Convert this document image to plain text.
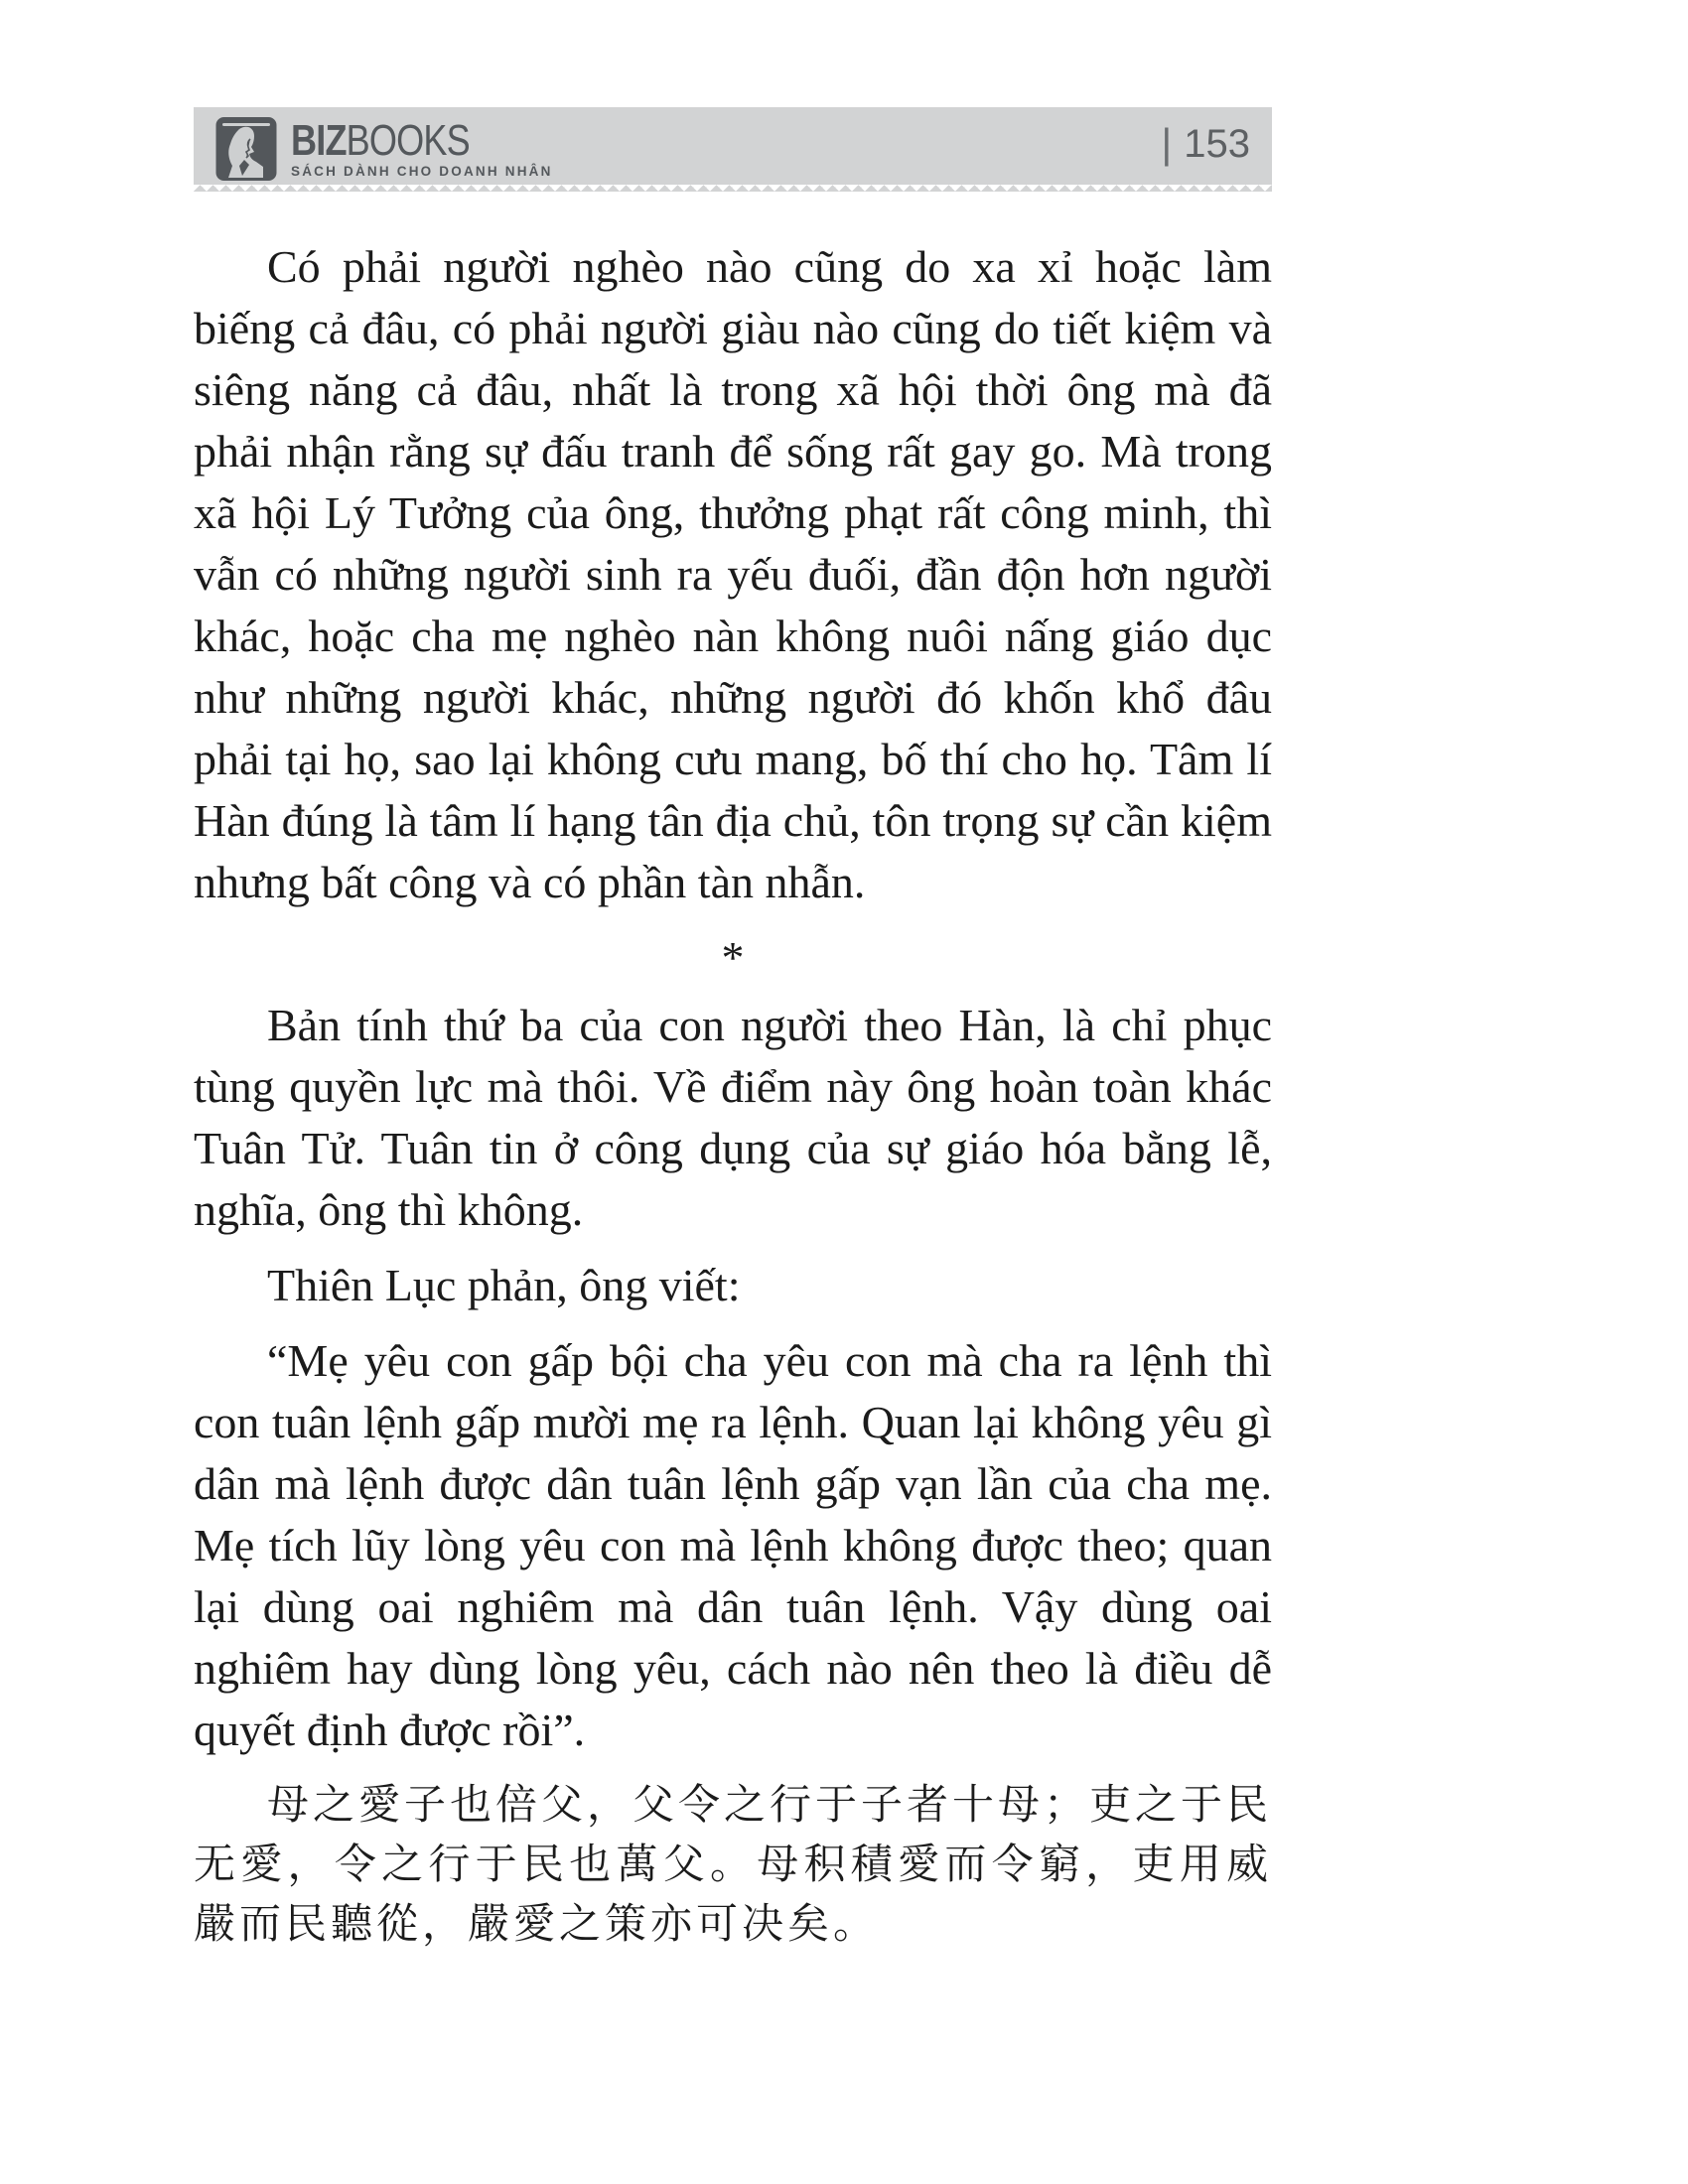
BIZBOOKS
SÁCH DÀNH CHO DOANH NHÂN
| 153

Có phải người nghèo nào cũng do xa xỉ hoặc làm biếng cả đâu, có phải người giàu nào cũng do tiết kiệm và siêng năng cả đâu, nhất là trong xã hội thời ông mà đã phải nhận rằng sự đấu tranh để sống rất gay go. Mà trong xã hội Lý Tưởng của ông, thưởng phạt rất công minh, thì vẫn có những người sinh ra yếu đuối, đần độn hơn người khác, hoặc cha mẹ nghèo nàn không nuôi nấng giáo dục như những người khác, những người đó khốn khổ đâu phải tại họ, sao lại không cưu mang, bố thí cho họ. Tâm lí Hàn đúng là tâm lí hạng tân địa chủ, tôn trọng sự cần kiệm nhưng bất công và có phần tàn nhẫn.

*

Bản tính thứ ba của con người theo Hàn, là chỉ phục tùng quyền lực mà thôi. Về điểm này ông hoàn toàn khác Tuân Tử. Tuân tin ở công dụng của sự giáo hóa bằng lễ, nghĩa, ông thì không.

Thiên Lục phản, ông viết:

“Mẹ yêu con gấp bội cha yêu con mà cha ra lệnh thì con tuân lệnh gấp mười mẹ ra lệnh. Quan lại không yêu gì dân mà lệnh được dân tuân lệnh gấp vạn lần của cha mẹ. Mẹ tích lũy lòng yêu con mà lệnh không được theo; quan lại dùng oai nghiêm mà dân tuân lệnh. Vậy dùng oai nghiêm hay dùng lòng yêu, cách nào nên theo là điều dễ quyết định được rồi”.

母之愛子也倍父，父令之行于子者十母；吏之于民无愛，令之行于民也萬父。母积積愛而令窮，吏用威嚴而民聽從，嚴愛之策亦可决矣。
